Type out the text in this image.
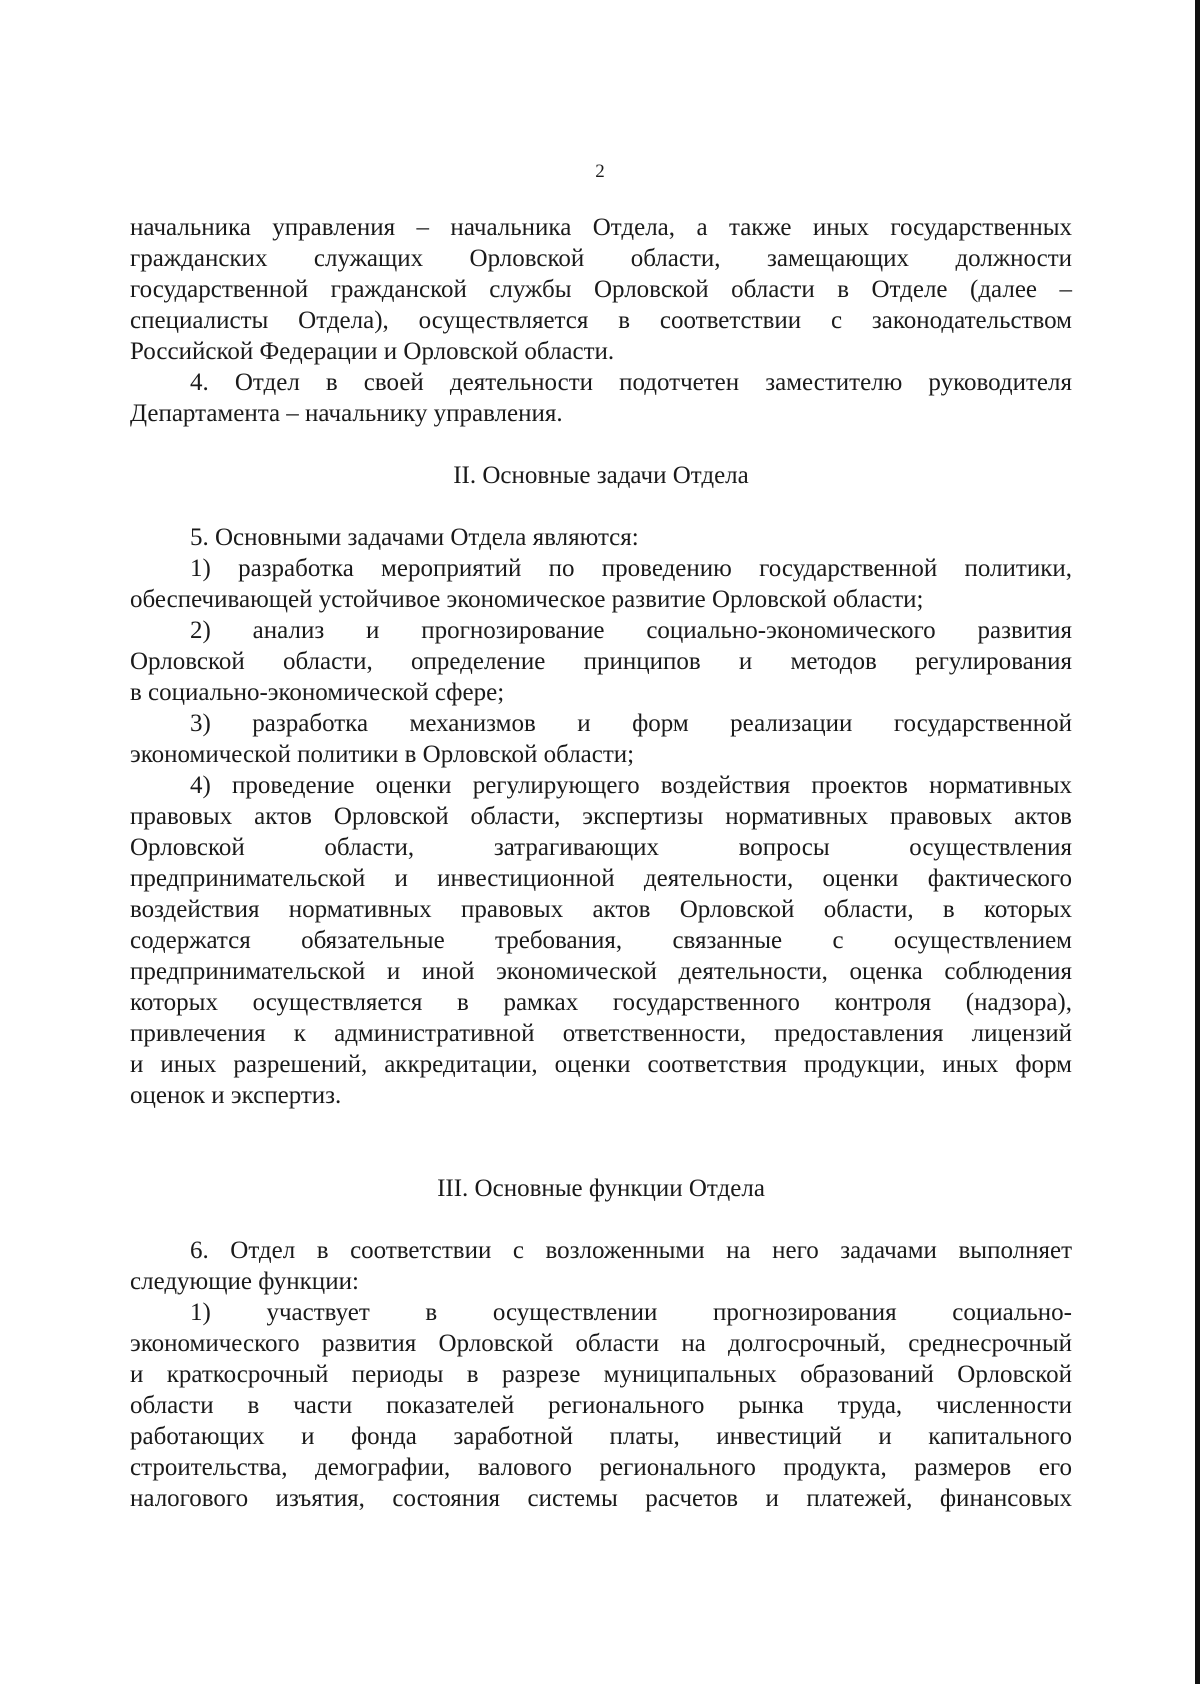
2
начальника управления – начальника Отдела, а также иных государственных
гражданских служащих Орловской области, замещающих должности
государственной гражданской службы Орловской области в Отделе (далее –
специалисты Отдела), осуществляется в соответствии с законодательством
Российской Федерации и Орловской области.
4. Отдел в своей деятельности подотчетен заместителю руководителя
Департамента – начальнику управления.
II. Основные задачи Отдела
5. Основными задачами Отдела являются:
1) разработка мероприятий по проведению государственной политики,
обеспечивающей устойчивое экономическое развитие Орловской области;
2) анализ и прогнозирование социально-экономического развития
Орловской области, определение принципов и методов регулирования
в социально-экономической сфере;
3) разработка механизмов и форм реализации государственной
экономической политики в Орловской области;
4) проведение оценки регулирующего воздействия проектов нормативных
правовых актов Орловской области, экспертизы нормативных правовых актов
Орловской области, затрагивающих вопросы осуществления
предпринимательской и инвестиционной деятельности, оценки фактического
воздействия нормативных правовых актов Орловской области, в которых
содержатся обязательные требования, связанные с осуществлением
предпринимательской и иной экономической деятельности, оценка соблюдения
которых осуществляется в рамках государственного контроля (надзора),
привлечения к административной ответственности, предоставления лицензий
и иных разрешений, аккредитации, оценки соответствия продукции, иных форм
оценок и экспертиз.
III. Основные функции Отдела
6. Отдел в соответствии с возложенными на него задачами выполняет
следующие функции:
1) участвует в осуществлении прогнозирования социально-
экономического развития Орловской области на долгосрочный, среднесрочный
и краткосрочный периоды в разрезе муниципальных образований Орловской
области в части показателей регионального рынка труда, численности
работающих и фонда заработной платы, инвестиций и капитального
строительства, демографии, валового регионального продукта, размеров его
налогового изъятия, состояния системы расчетов и платежей, финансовых
